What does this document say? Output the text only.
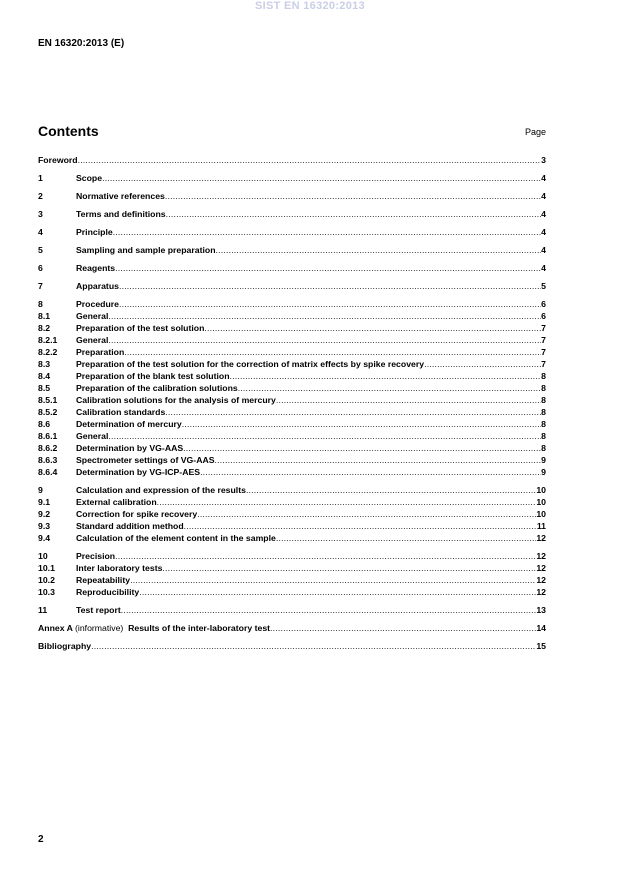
SIST EN 16320:2013
EN 16320:2013 (E)
Contents	Page
Foreword .....	3
1	Scope .....	4
2	Normative references .....	4
3	Terms and definitions .....	4
4	Principle .....	4
5	Sampling and sample preparation .....	4
6	Reagents .....	4
7	Apparatus .....	5
8	Procedure .....	6
8.1	General .....	6
8.2	Preparation of the test solution .....	7
8.2.1	General .....	7
8.2.2	Preparation .....	7
8.3	Preparation of the test solution for the correction of matrix effects by spike recovery .....	7
8.4	Preparation of the blank test solution .....	8
8.5	Preparation of the calibration solutions .....	8
8.5.1	Calibration solutions for the analysis of mercury .....	8
8.5.2	Calibration standards .....	8
8.6	Determination of mercury .....	8
8.6.1	General .....	8
8.6.2	Determination by VG-AAS .....	8
8.6.3	Spectrometer settings of VG-AAS .....	9
8.6.4	Determination by VG-ICP-AES .....	9
9	Calculation and expression of the results .....	10
9.1	External calibration .....	10
9.2	Correction for spike recovery .....	10
9.3	Standard addition method .....	11
9.4	Calculation of the element content in the sample .....	12
10	Precision .....	12
10.1	Inter laboratory tests .....	12
10.2	Repeatability .....	12
10.3	Reproducibility .....	12
11	Test report .....	13
Annex A (informative) Results of the inter-laboratory test .....	14
Bibliography .....	15
2
